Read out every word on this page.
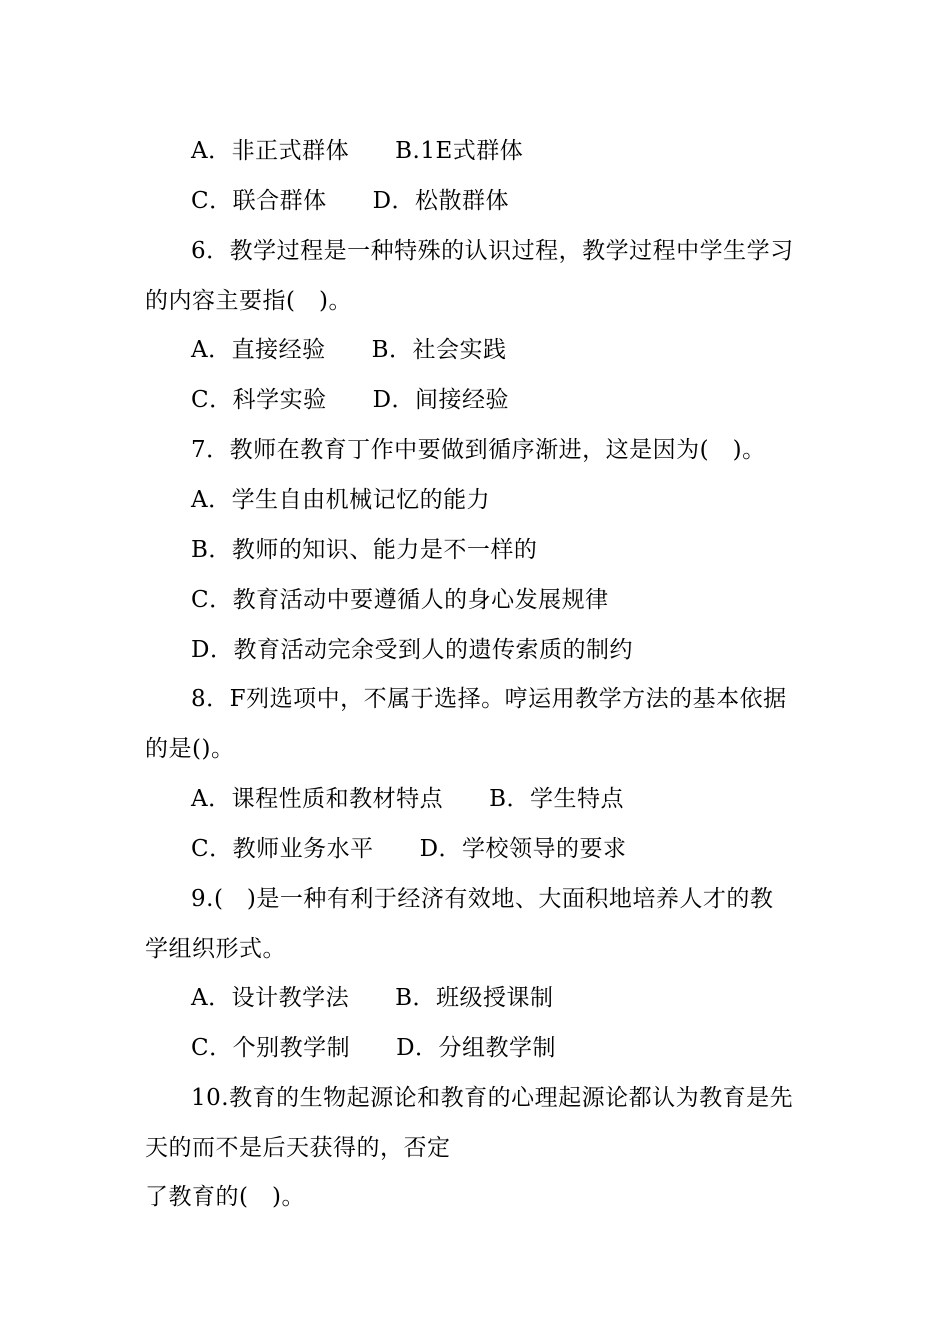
A．非正式群体 B.1E式群体
C．联合群体 D．松散群体
6．教学过程是一种特殊的认识过程，教学过程中学生学习
的内容主要指(　)。
A．直接经验 B．社会实践
C．科学实验 D．间接经验
7．教师在教育丁作中要做到循序渐进，这是因为(　)。
A．学生自由机械记忆的能力
B．教师的知识、能力是不一样的
C．教育活动中要遵循人的身心发展规律
D．教育活动完余受到人的遗传索质的制约
8．F列选项中，不属于选择。哼运用教学方法的基本依据
的是()。
A．课程性质和教材特点 B．学生特点
C．教师业务水平 D．学校领导的要求
9.(　)是一种有利于经济有效地、大面积地培养人才的教
学组织形式。
A．设计教学法 B．班级授课制
C．个别教学制 D．分组教学制
10.教育的生物起源论和教育的心理起源论都认为教育是先
天的而不是后天获得的，否定
了教育的(　)。
